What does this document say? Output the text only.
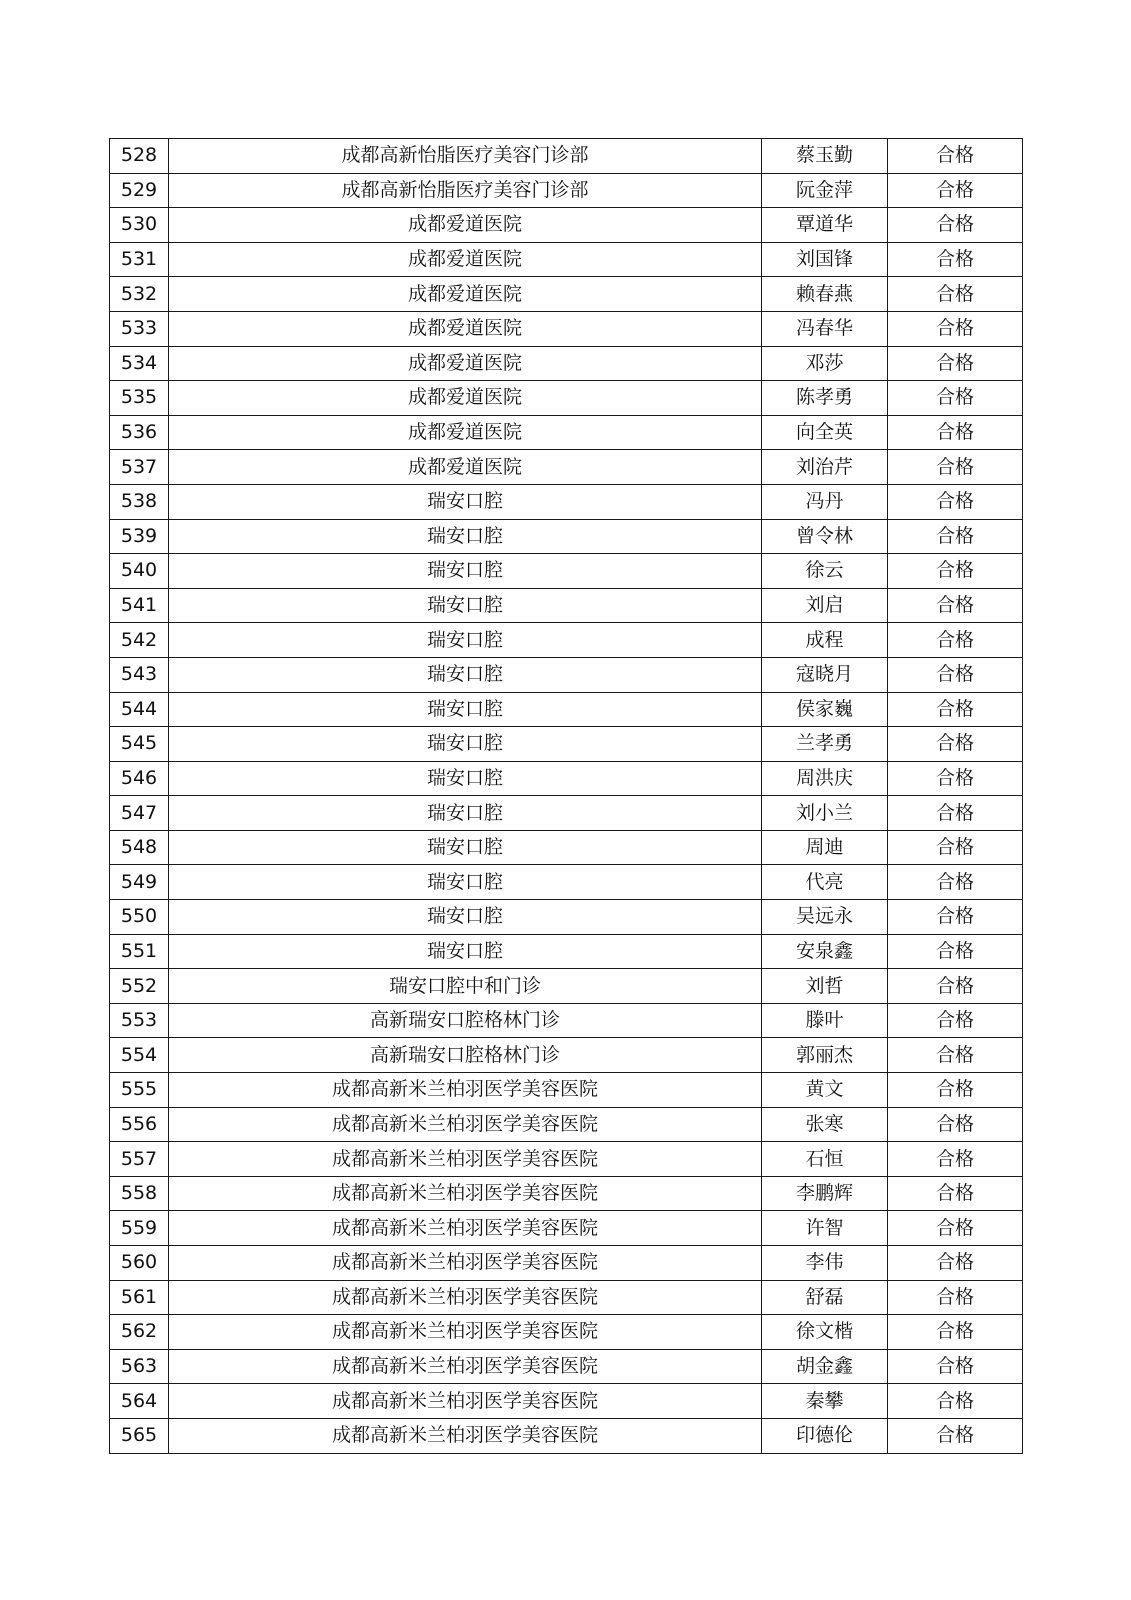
528	成都高新怡脂医疗美容门诊部	蔡玉勤	合格
529	成都高新怡脂医疗美容门诊部	阮金萍	合格
530	成都爱道医院	覃道华	合格
531	成都爱道医院	刘国锋	合格
532	成都爱道医院	赖春燕	合格
533	成都爱道医院	冯春华	合格
534	成都爱道医院	邓莎	合格
535	成都爱道医院	陈孝勇	合格
536	成都爱道医院	向全英	合格
537	成都爱道医院	刘治芹	合格
538	瑞安口腔	冯丹	合格
539	瑞安口腔	曾令林	合格
540	瑞安口腔	徐云	合格
541	瑞安口腔	刘启	合格
542	瑞安口腔	成程	合格
543	瑞安口腔	寇晓月	合格
544	瑞安口腔	侯家巍	合格
545	瑞安口腔	兰孝勇	合格
546	瑞安口腔	周洪庆	合格
547	瑞安口腔	刘小兰	合格
548	瑞安口腔	周迪	合格
549	瑞安口腔	代亮	合格
550	瑞安口腔	吴远永	合格
551	瑞安口腔	安泉鑫	合格
552	瑞安口腔中和门诊	刘哲	合格
553	高新瑞安口腔格林门诊	滕叶	合格
554	高新瑞安口腔格林门诊	郭丽杰	合格
555	成都高新米兰柏羽医学美容医院	黄文	合格
556	成都高新米兰柏羽医学美容医院	张寒	合格
557	成都高新米兰柏羽医学美容医院	石恒	合格
558	成都高新米兰柏羽医学美容医院	李鹏辉	合格
559	成都高新米兰柏羽医学美容医院	许智	合格
560	成都高新米兰柏羽医学美容医院	李伟	合格
561	成都高新米兰柏羽医学美容医院	舒磊	合格
562	成都高新米兰柏羽医学美容医院	徐文楷	合格
563	成都高新米兰柏羽医学美容医院	胡金鑫	合格
564	成都高新米兰柏羽医学美容医院	秦攀	合格
565	成都高新米兰柏羽医学美容医院	印德伦	合格
